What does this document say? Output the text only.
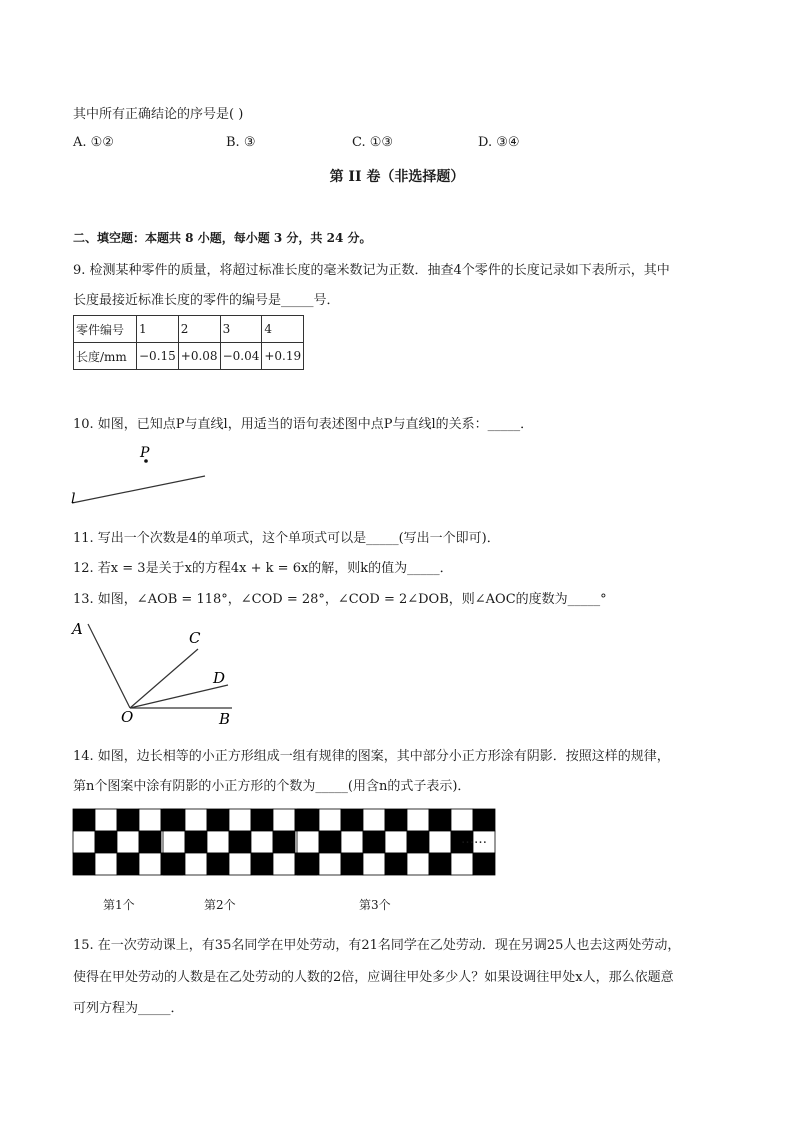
其中所有正确结论的序号是( )
A. ①②	B. ③	C. ①③	D. ③④
第 II 卷（非选择题）
二、填空题：本题共 8 小题，每小题 3 分，共 24 分。
9. 检测某种零件的质量，将超过标准长度的毫米数记为正数．抽查4个零件的长度记录如下表所示，其中
长度最接近标准长度的零件的编号是_____号．
零件编号	1	2	3	4
长度/mm	−0.15	+0.08	−0.04	+0.19
10. 如图，已知点P与直线l，用适当的语句表述图中点P与直线l的关系：_____．
P
l
11. 写出一个次数是4的单项式，这个单项式可以是_____(写出一个即可)．
12. 若x = 3是关于x的方程4x + k = 6x的解，则k的值为_____．
13. 如图，∠AOB = 118°，∠COD = 28°，∠COD = 2∠DOB，则∠AOC的度数为_____°
A	C
D
O	B
14. 如图，边长相等的小正方形组成一组有规律的图案，其中部分小正方形涂有阴影．按照这样的规律，
第n个图案中涂有阴影的小正方形的个数为_____(用含n的式子表示)．
……
第1个	第2个	第3个
15. 在一次劳动课上，有35名同学在甲处劳动，有21名同学在乙处劳动．现在另调25人也去这两处劳动，
使得在甲处劳动的人数是在乙处劳动的人数的2倍，应调往甲处多少人？如果设调往甲处x人，那么依题意
可列方程为_____．
